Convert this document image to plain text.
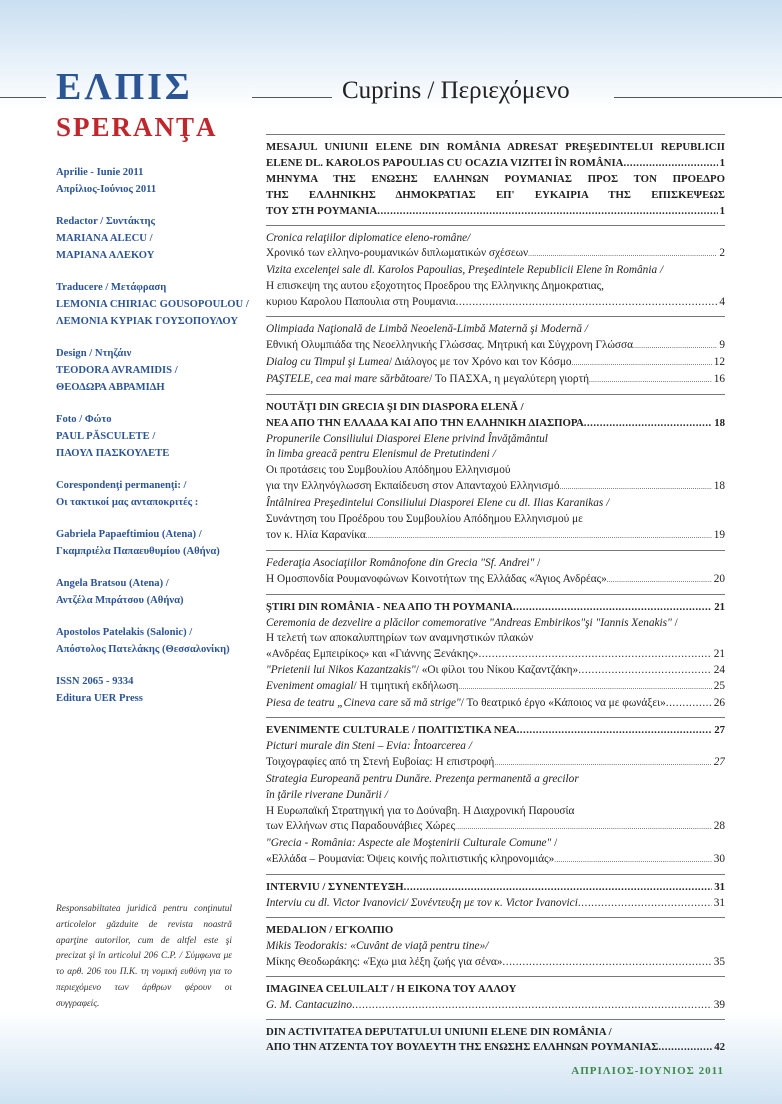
ΕΛΠΙΣ
SPERANŢA
Cuprins / Περιεχόμενο
Aprilie - Iunie 2011
Απρίλιος-Ιούνιος 2011
Redactor / Συντάκτης
MARIANA ALECU /
ΜΑΡΙΑΝΑ ΑΛΕΚΟΥ
Traducere / Μετάφραση
LEMONIA CHIRIAC GOUSOPOULOU /
ΛΕΜΟΝΙΑ ΚΥΡΙΑΚ ΓΟΥΣΟΠΟΥΛΟΥ
Design / Ντηζάιν
TEODORA AVRAMIDIS /
ΘΕΟΔΩΡΑ ΑΒΡΑΜΙΔΗ
Foto / Φώτο
PAUL PĂSCULETE /
ΠΑΟΥΛ ΠΑΣΚΟΥΛΕΤΕ
Corespondenţi permanenţi: /
Οι τακτικοί μας ανταποκριτές :
Gabriela Papaeftimiou (Atena) /
Γκαμπριέλα Παπαευθυμίου (Αθήνα)
Angela Bratsou (Atena) /
Αντζέλα Μπράτσου (Αθήνα)
Apostolos Patelakis (Salonic) /
Απόστολος Πατελάκης (Θεσσαλονίκη)
ISSN 2065 - 9334
Editura UER Press
Responsabiltatea juridică pentru conţinutul articolelor găzduite de revista noastră aparţine autorilor, cum de altfel este şi precizat şi în articolul 206 C.P. / Σύμφωνα με το αρθ. 206 του Π.Κ. τη νομική ευθύνη για το περιεχόμενο των άρθρων φέρουν οι συγγραφείς.
MESAJUL UNIUNII ELENE DIN ROMÂNIA ADRESAT PREŞEDINTELUI REPUBLICII
ELENE DL. KAROLOS PAPOULIAS CU OCAZIA VIZITEI ÎN ROMÂNIA .....	1
ΜΗΝΥΜΑ ΤΗΣ ΕΝΩΣΗΣ ΕΛΛΗΝΩΝ ΡΟΥΜΑΝΙΑΣ ΠΡΟΣ ΤΟΝ ΠΡΟΕΔΡΟ
ΤΗΣ ΕΛΛΗΝΙΚΗΣ ΔΗΜΟΚΡΑΤΙΑΣ ΕΠ' ΕΥΚΑΙΡΙΑ ΤΗΣ ΕΠΙΣΚΕΨΕΩΣ
ΤΟΥ ΣΤΗ ΡΟΥΜΑΝΙΑ .....	1
Cronica relaţiilor diplomatice eleno-române/
Χρονικό των ελληνο-ρουμανικών διπλωματικών σχέσεων .....	2
Vizita excelenţei sale dl. Karolos Papoulias, Preşedintele Republicii Elene în România /
Η επισκεψη της αυτου εξοχοτητος Προεδρου της Ελληνικης Δημοκρατιας,
κυριου Καρολου Παπουλια στη Ρουμανια .....	4
Olimpiada Naţională de Limbă Neoelenă-Limbă Maternă şi Modernă /
Εθνική Ολυμπιάδα της Νεοελληνικής Γλώσσας. Μητρική και Σύγχρονη Γλώσσα .....	9
Dialog cu Timpul şi Lumea / Διάλογος με τον Χρόνο και τον Κόσμο .....	12
PAŞTELE, cea mai mare sărbătoare / Το ΠΑΣΧΑ, η μεγαλύτερη γιορτή .....	16
NOUTĂŢI DIN GRECIA ŞI DIN DIASPORA ELENĂ /
ΝΕΑ ΑΠΟ ΤΗΝ ΕΛΛΑΔΑ ΚΑΙ ΑΠΟ ΤΗΝ ΕΛΛΗΝΙΚΗ ΔΙΑΣΠΟΡΑ .....	18
Propunerile Consiliului Diasporei Elene privind Învăţământul
în limba greacă pentru Elenismul de Pretutindeni /
Οι προτάσεις του Συμβουλίου Απόδημου Ελληνισμού
για την Ελληνόγλωσση Εκπαίδευση στον Απανταχού Ελληνισμό .....	18
Întâlnirea Preşedintelui Consiliului Diasporei Elene cu dl. Ilias Karanikas /
Συνάντηση του Προέδρου του Συμβουλίου Απόδημου Ελληνισμού με
τον κ. Ηλία Καρανίκα .....	19
Federaţia Asociaţiilor Românofone din Grecia "Sf. Andrei" /
Η Ομοσπονδία Ρουμανοφώνων Κοινοτήτων της Ελλάδας «Άγιος Ανδρέας» .....	20
ŞTIRI DIN ROMÂNIA - ΝΕΑ ΑΠΟ ΤΗ ΡΟΥΜΑΝΙΑ .....	21
Ceremonia de dezvelire a plăcilor comemorative "Andreas Embirikos"şi "Iannis Xenakis" /
Η τελετή των αποκαλυπτηρίων των αναμνηστικών πλακών
«Ανδρέας Εμπειρίκος» και «Γιάννης Ξενάκης» .....	21
"Prietenii lui Nikos Kazantzakis" / «Οι φίλοι του Νίκου Καζαντζάκη» .....	24
Eveniment omagial / Η τιμητική εκδήλωση .....	25
Piesa de teatru „Cineva care să mă strige" / Το θεατρικό έργο «Κάποιος να με φωνάξει» .....	26
EVENIMENTE CULTURALE / ΠΟΛΙΤΙΣΤΙΚΑ ΝΕΑ .....	27
Picturi murale din Steni – Evia: Întoarcerea /
Τοιχογραφίες από τη Στενή Ευβοίας: Η επιστροφή .....	27
Strategia Europeană pentru Dunăre. Prezenţa permanentă a grecilor
în ţările riverane Dunării /
Η Ευρωπαϊκή Στρατηγική για το Δούναβη. Η Διαχρονική Παρουσία
των Ελλήνων στις Παραδουνάβιες Χώρες .....	28
"Grecia - România: Aspecte ale Moştenirii Culturale Comune" /
«Ελλάδα – Ρουμανία: Όψεις κοινής πολιτιστικής κληρονομιάς» .....	30
INTERVIU / ΣΥΝΕΝΤΕΥΞΗ .....	31
Interviu cu dl. Victor Ivanovici/ Συνέντευξη με τον κ. Victor Ivanovici .....	31
MEDALION / ΕΓΚΟΛΠΙΟ
Mikis Teodorakis: «Cuvânt de viaţă pentru tine»/
Μίκης Θεοδωράκης: «Έχω μια λέξη ζωής για σένα» .....	35
IMAGINEA CELUILALT / Η ΕΙΚΟΝΑ ΤΟΥ ΑΛΛΟΥ
G. M. Cantacuzino .....	39
DIN ACTIVITATEA DEPUTATULUI UNIUNII ELENE DIN ROMÂNIA /
ΑΠΟ ΤΗΝ ΑΤΖΕΝΤΑ ΤΟΥ ΒΟΥΛΕΥΤΗ ΤΗΣ ΕΝΩΣΗΣ ΕΛΛΗΝΩΝ ΡΟΥΜΑΝΙΑΣ .....	42
ΑΠΡΙΛΙΟΣ-ΙΟΥΝΙΟΣ 2011
